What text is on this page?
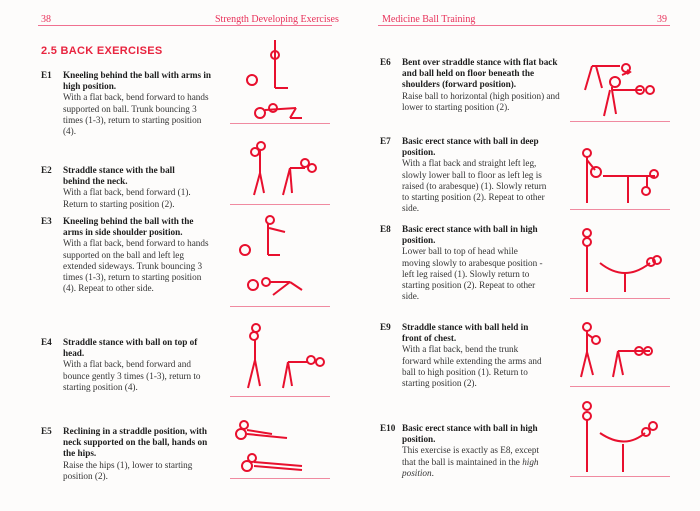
38	Strength Developing Exercises
2.5 BACK EXERCISES
E1 Kneeling behind the ball with arms in high position.
With a flat back, bend forward to hands supported on ball. Trunk bouncing 3 times (1-3), return to starting position (4).
E2 Straddle stance with the ball behind the neck.
With a flat back, bend forward (1). Return to starting position (2).
E3 Kneeling behind the ball with the arms in side shoulder position.
With a flat back, bend forward to hands supported on the ball and left leg extended sideways. Trunk bouncing 3 times (1-3), return to starting position (4). Repeat to other side.
E4 Straddle stance with ball on top of head.
With a flat back, bend forward and bounce gently 3 times (1-3), return to starting position (4).
E5 Reclining in a straddle position, with neck supported on the ball, hands on the hips.
Raise the hips (1), lower to starting position (2).
Medicine Ball Training	39
E6 Bent over straddle stance with flat back and ball held on floor beneath the shoulders (forward position).
Raise ball to horizontal (high position) and lower to starting position (2).
E7 Basic erect stance with ball in deep position.
With a flat back and straight left leg, slowly lower ball to floor as left leg is raised (to arabesque) (1). Slowly return to starting position (2). Repeat to other side.
E8 Basic erect stance with ball in high position.
Lower ball to top of head while moving slowly to arabesque position - left leg raised (1). Slowly return to starting position (2). Repeat to other side.
E9 Straddle stance with ball held in front of chest.
With a flat back, bend the trunk forward while extending the arms and ball to high position (1). Return to starting position (2).
E10 Basic erect stance with ball in high position.
This exercise is exactly as E8, except that the ball is maintained in the high position.
